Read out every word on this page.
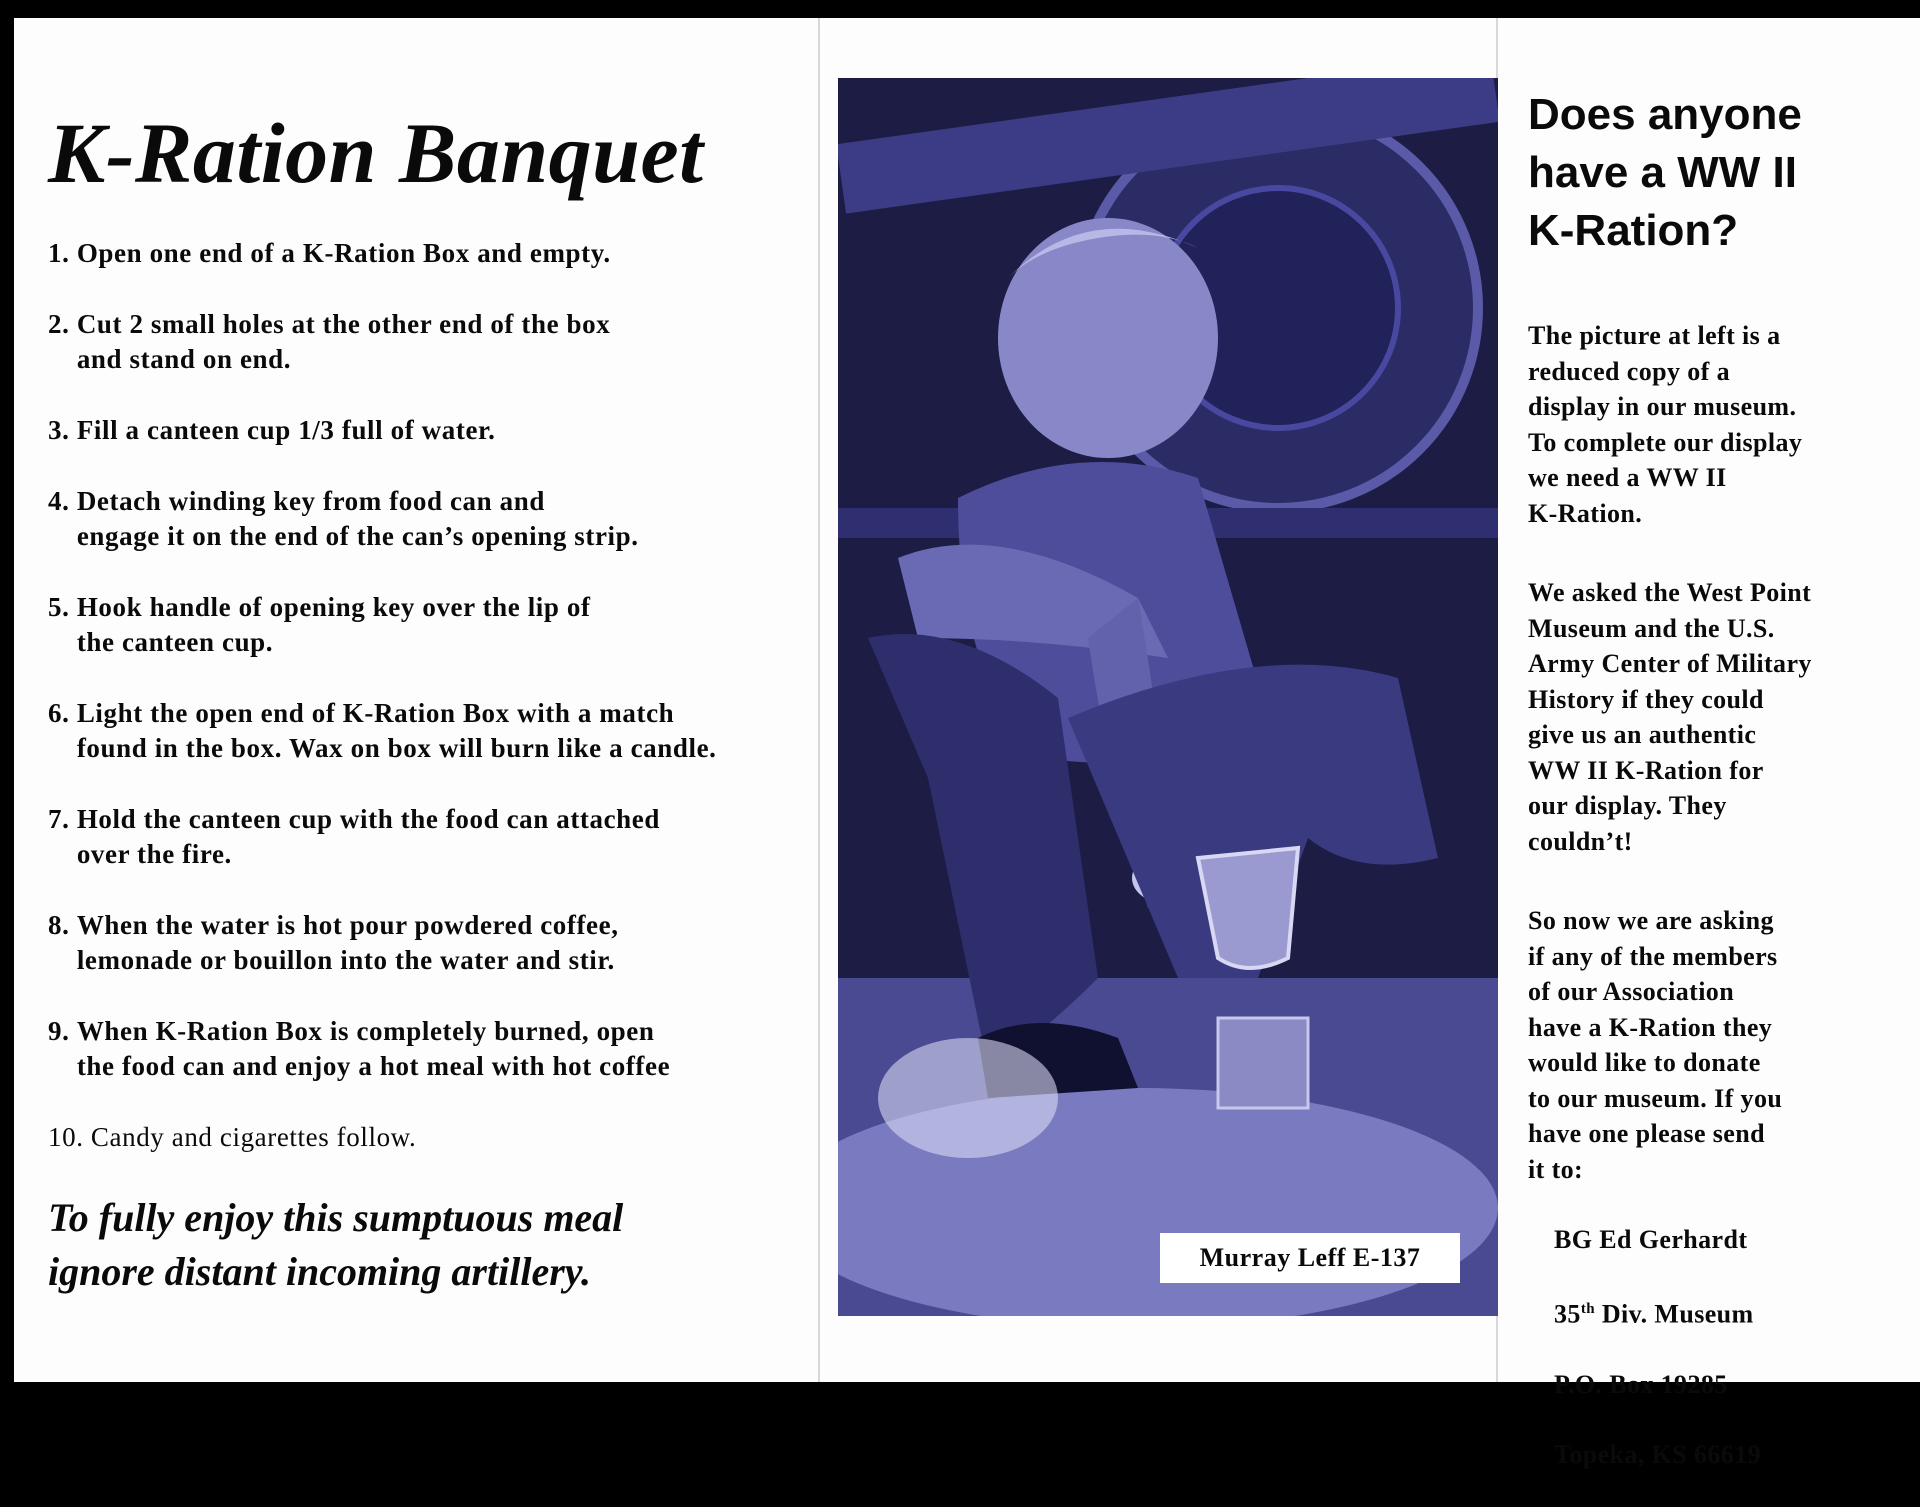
K-Ration Banquet
1. Open one end of a K-Ration Box and empty.
2. Cut 2 small holes at the other end of the box
and stand on end.
3. Fill a canteen cup 1/3 full of water.
4. Detach winding key from food can and
engage it on the end of the can’s opening strip.
5. Hook handle of opening key over the lip of
the canteen cup.
6. Light the open end of K-Ration Box with a match
found in the box. Wax on box will burn like a candle.
7. Hold the canteen cup with the food can attached
over the fire.
8. When the water is hot pour powdered coffee,
lemonade or bouillon into the water and stir.
9. When K-Ration Box is completely burned, open
the food can and enjoy a hot meal with hot coffee
10. Candy and cigarettes follow.

To fully enjoy this sumptuous meal
ignore distant incoming artillery.	Murray Leff E-137
Does anyone
have a WW II
K-Ration?

The picture at left is a
reduced copy of a
display in our museum.
To complete our display
we need a WW II
K-Ration.

We asked the West Point
Museum and the U.S.
Army Center of Military
History if they could
give us an authentic
WW II K-Ration for
our display. They
couldn’t!

So now we are asking
if any of the members
of our Association
have a K-Ration they
would like to donate
to our museum. If you
have one please send
it to:

BG Ed Gerhardt

35th Div. Museum

P.O. Box 19285

Topeka, KS 66619
